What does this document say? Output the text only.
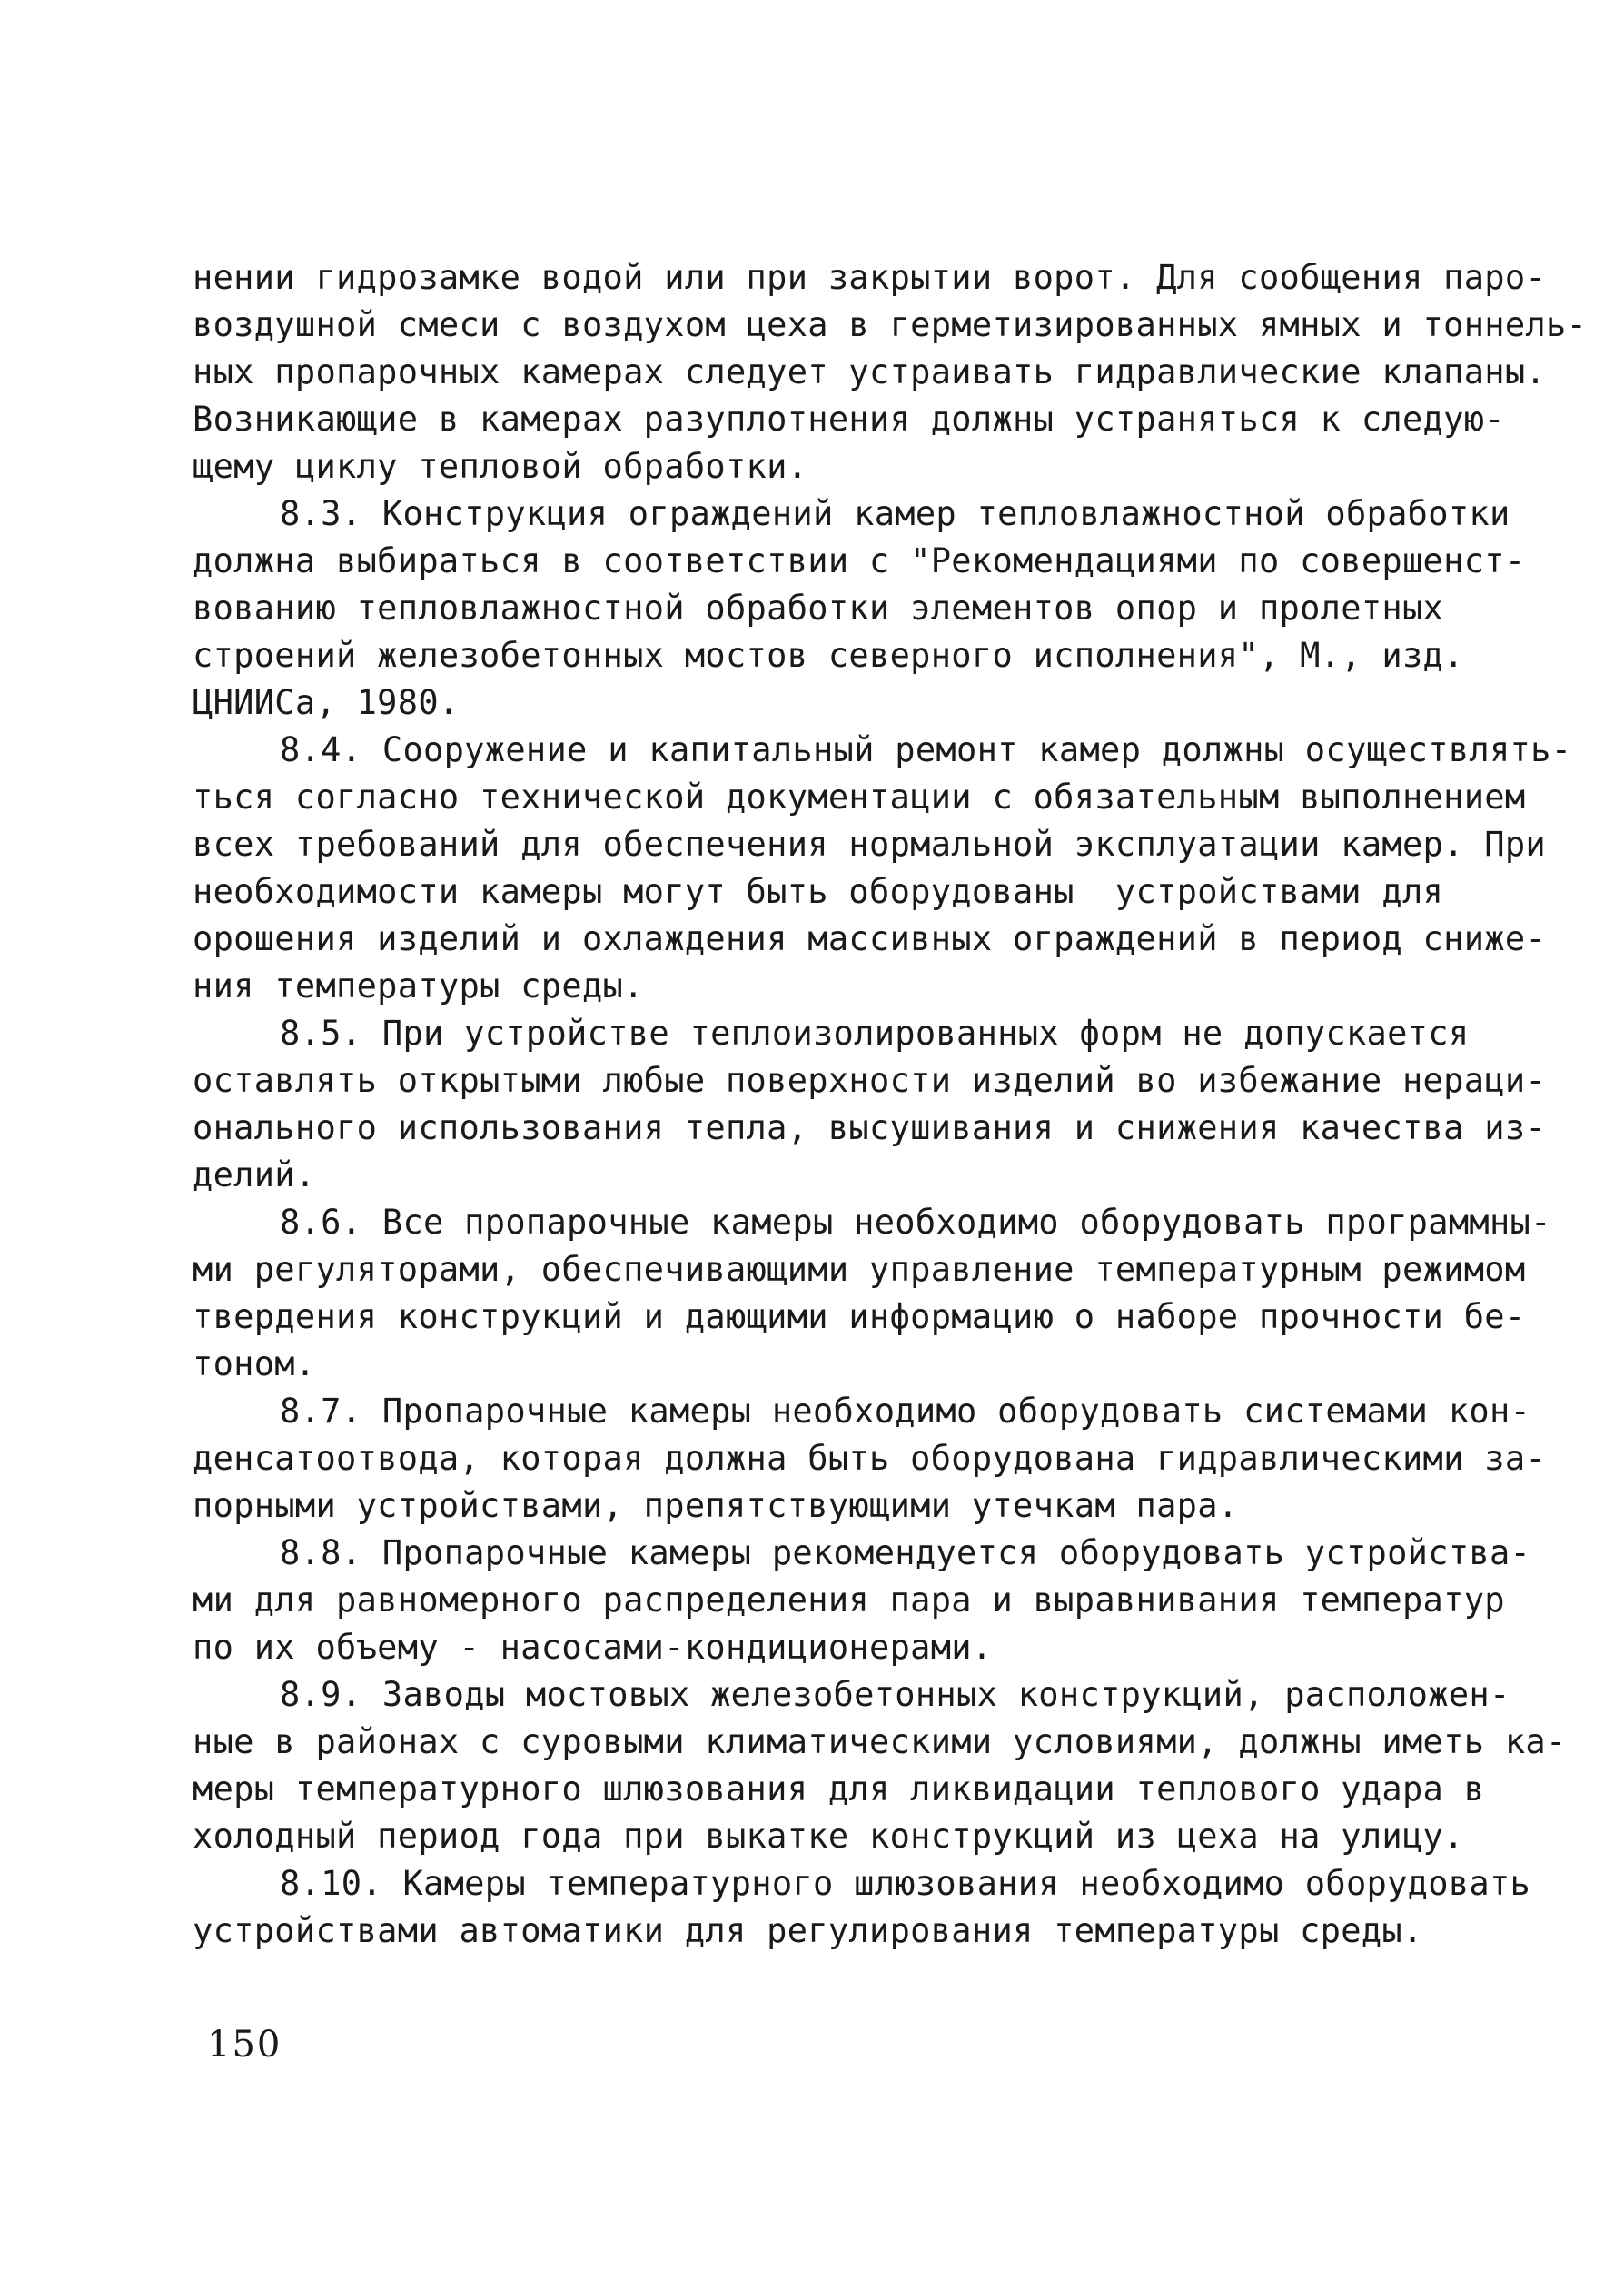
нении гидрозамке водой или при закрытии ворот. Для сообщения паро-
воздушной смеси с воздухом цеха в герметизированных ямных и тоннель-
ных пропарочных камерах следует устраивать гидравлические клапаны.
Возникающие в камерах разуплотнения должны устраняться к следую-
щему циклу тепловой обработки.
8.3. Конструкция ограждений камер тепловлажностной обработки
должна выбираться в соответствии с "Рекомендациями по совершенст-
вованию тепловлажностной обработки элементов опор и пролетных
строений железобетонных мостов северного исполнения", М., изд.
ЦНИИСа, 1980.
8.4. Сооружение и капитальный ремонт камер должны осуществлять-
ться согласно технической документации с обязательным выполнением
всех требований для обеспечения нормальной эксплуатации камер. При
необходимости камеры могут быть оборудованы  устройствами для
орошения изделий и охлаждения массивных ограждений в период снижe-
ния температуры среды.
8.5. При устройстве теплоизолированных форм не допускается
оставлять открытыми любые поверхности изделий во избежание нераци-
онального использования тепла, высушивания и снижения качества из-
делий.
8.6. Все пропарочные камеры необходимо оборудовать программны-
ми регуляторами, обеспечивающими управление температурным режимом
твердения конструкций и дающими информацию о наборе прочности бе-
тоном.
8.7. Пропарочные камеры необходимо оборудовать системами кон-
денсатоотвода, которая должна быть оборудована гидравлическими за-
порными устройствами, препятствующими утечкам пара.
8.8. Пропарочные камеры рекомендуется оборудовать устройства-
ми для равномерного распределения пара и выравнивания температур
по их объему - насосами-кондиционерами.
8.9. Заводы мостовых железобетонных конструкций, расположен-
ные в районах с суровыми климатическими условиями, должны иметь ка-
меры температурного шлюзования для ликвидации теплового удара в
холодный период года при выкатке конструкций из цеха на улицу.
8.10. Камеры температурного шлюзования необходимо оборудовать
устройствами автоматики для регулирования температуры среды.
150
